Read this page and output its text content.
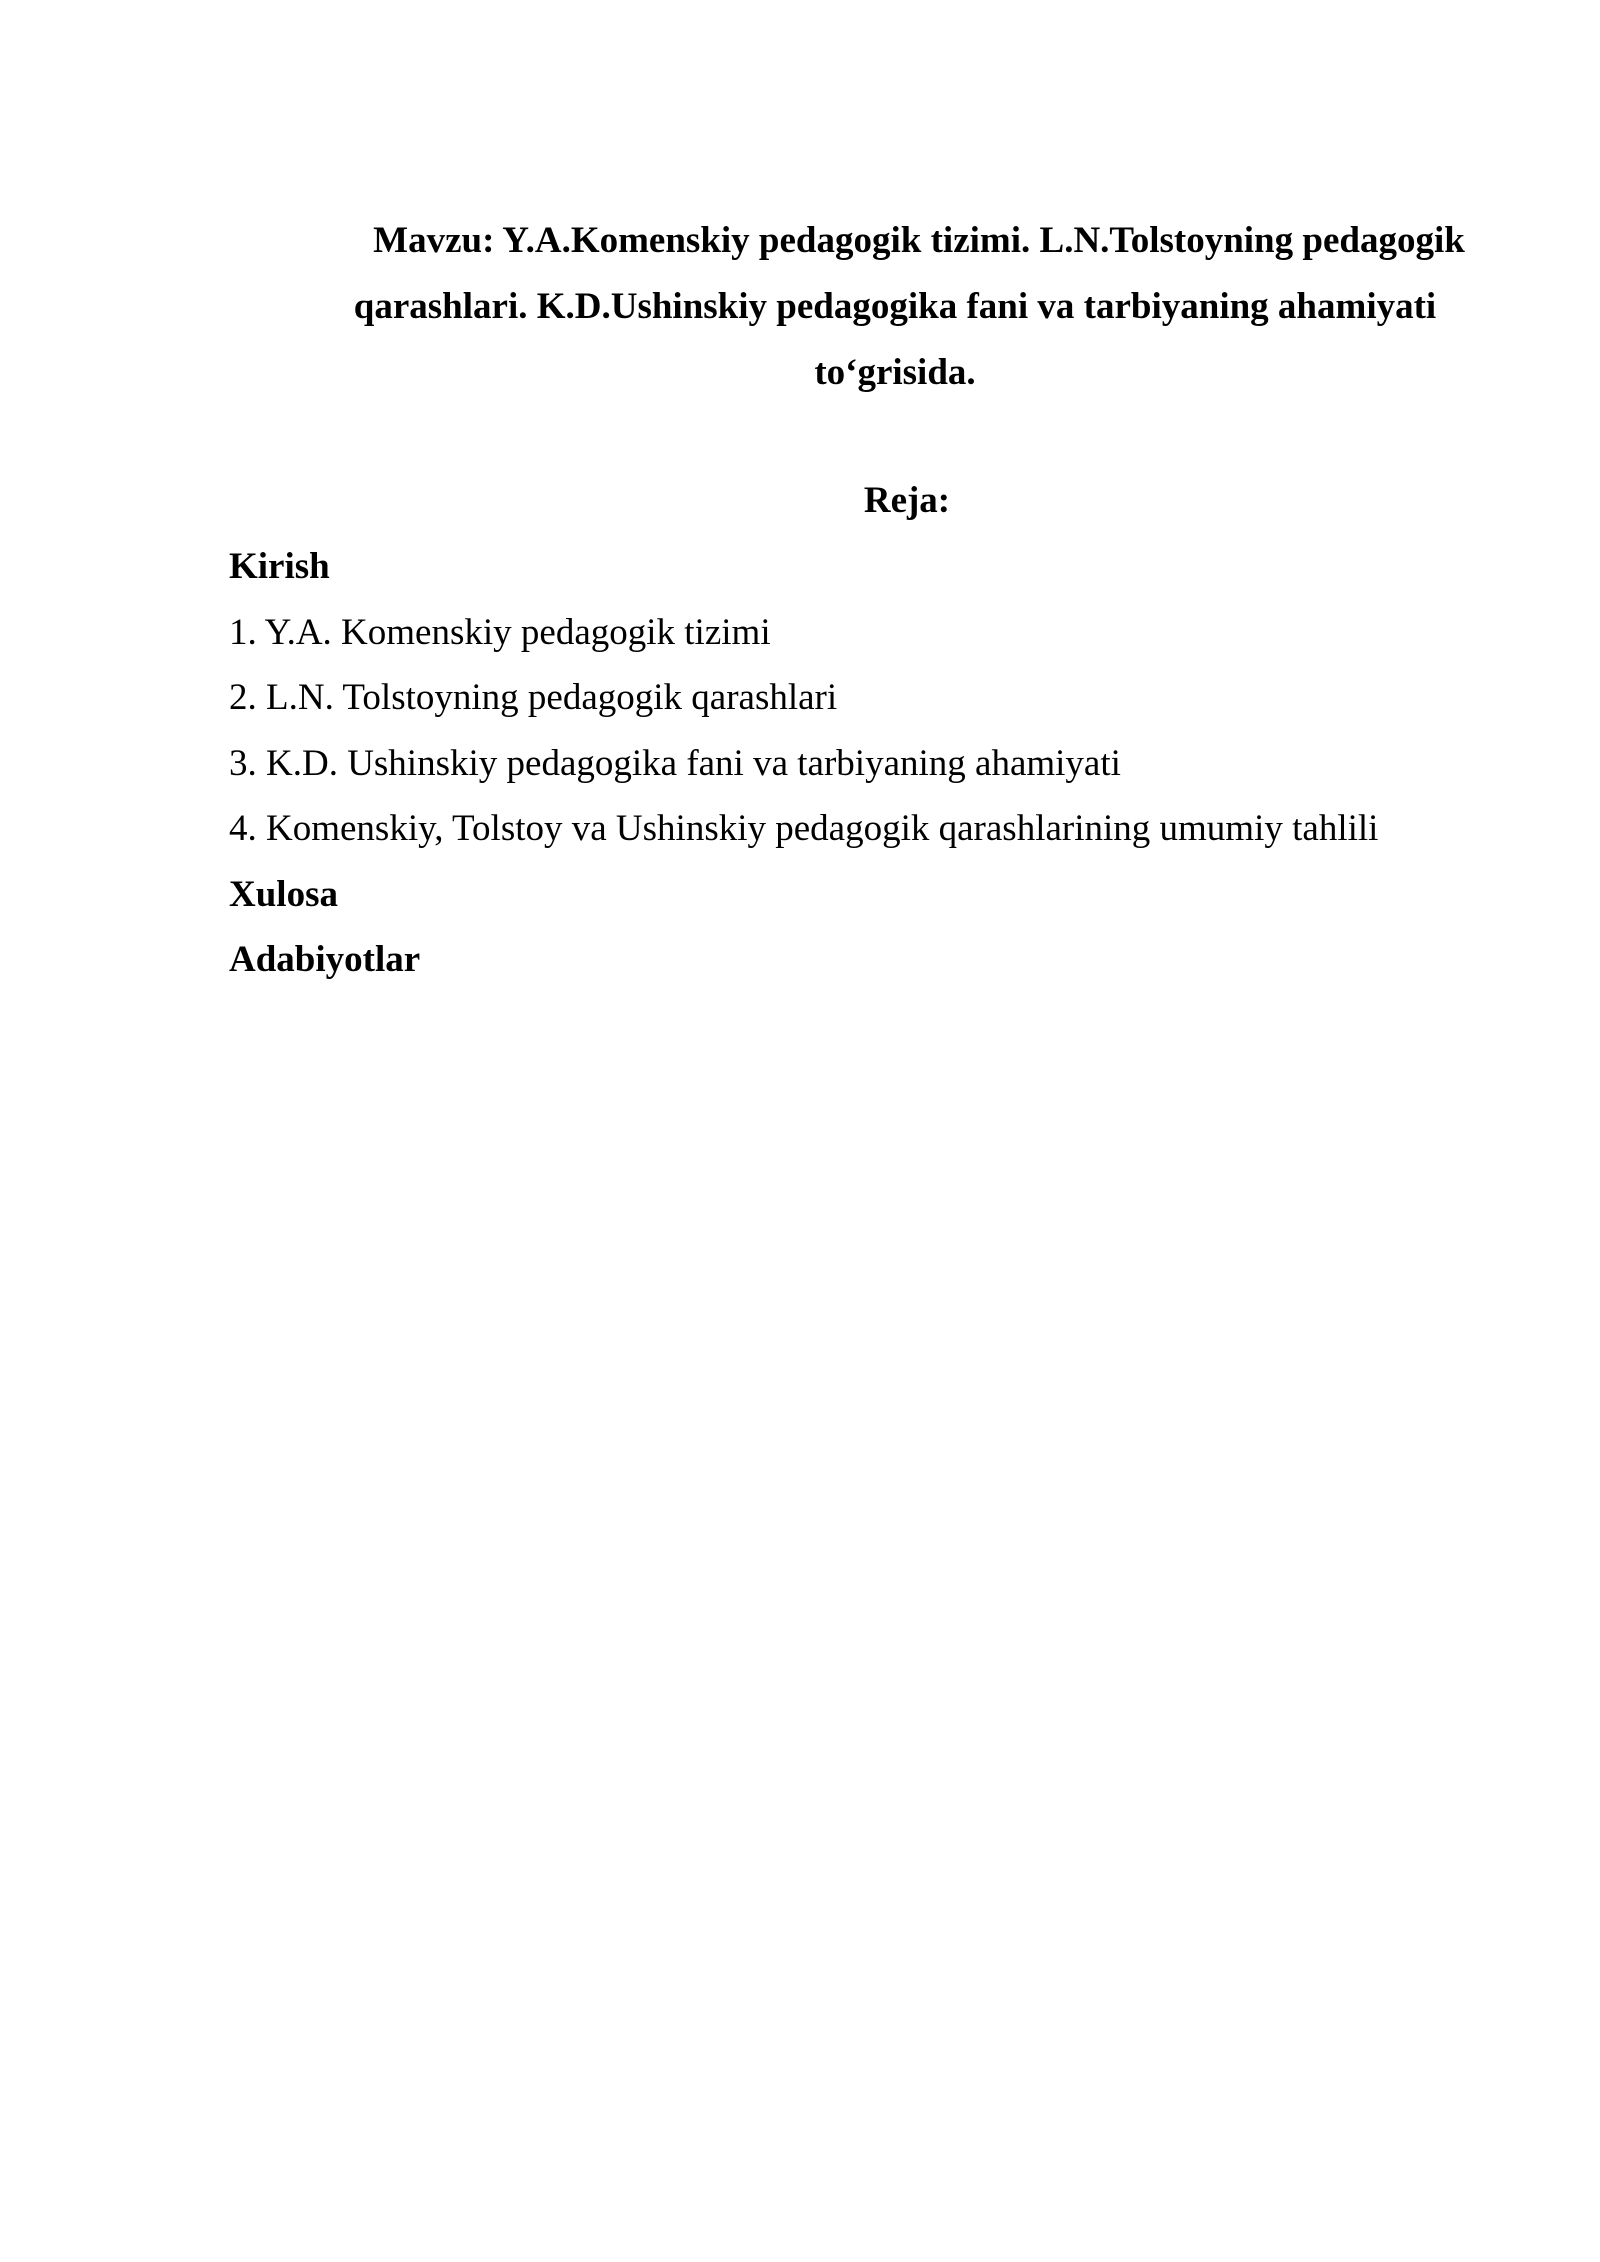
Mavzu: Y.A.Komenskiy pedagogik tizimi. L.N.Tolstoyning pedagogik qarashlari. K.D.Ushinskiy pedagogika fani va tarbiyaning ahamiyati to‘grisida.

Reja:

Kirish

1. Y.A. Komenskiy pedagogik tizimi
2. L.N. Tolstoyning pedagogik qarashlari
3. K.D. Ushinskiy pedagogika fani va tarbiyaning ahamiyati
4. Komenskiy, Tolstoy va Ushinskiy pedagogik qarashlarining umumiy tahlili

Xulosa

Adabiyotlar
